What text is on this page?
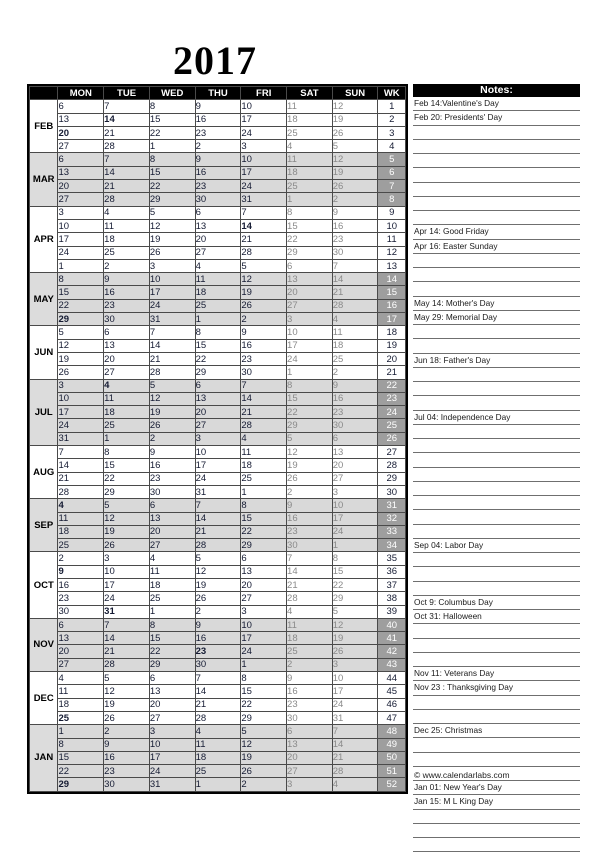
2017
	MON	TUE	WED	THU	FRI	SAT	SUN	WK
FEB	6	7	8	9	10	11	12	1
	13	14	15	16	17	18	19	2
	20	21	22	23	24	25	26	3
	27	28	1	2	3	4	5	4
MAR	6	7	8	9	10	11	12	5
	13	14	15	16	17	18	19	6
	20	21	22	23	24	25	26	7
	27	28	29	30	31	1	2	8
APR	3	4	5	6	7	8	9	9
	10	11	12	13	14	15	16	10
	17	18	19	20	21	22	23	11
	24	25	26	27	28	29	30	12
	1	2	3	4	5	6	7	13
MAY	8	9	10	11	12	13	14	14
	15	16	17	18	19	20	21	15
	22	23	24	25	26	27	28	16
	29	30	31	1	2	3	4	17
JUN	5	6	7	8	9	10	11	18
	12	13	14	15	16	17	18	19
	19	20	21	22	23	24	25	20
	26	27	28	29	30	1	2	21
JUL	3	4	5	6	7	8	9	22
	10	11	12	13	14	15	16	23
	17	18	19	20	21	22	23	24
	24	25	26	27	28	29	30	25
	31	1	2	3	4	5	6	26
AUG	7	8	9	10	11	12	13	27
	14	15	16	17	18	19	20	28
	21	22	23	24	25	26	27	29
	28	29	30	31	1	2	3	30
SEP	4	5	6	7	8	9	10	31
	11	12	13	14	15	16	17	32
	18	19	20	21	22	23	24	33
	25	26	27	28	29	30	1	34
OCT	2	3	4	5	6	7	8	35
	9	10	11	12	13	14	15	36
	16	17	18	19	20	21	22	37
	23	24	25	26	27	28	29	38
	30	31	1	2	3	4	5	39
NOV	6	7	8	9	10	11	12	40
	13	14	15	16	17	18	19	41
	20	21	22	23	24	25	26	42
	27	28	29	30	1	2	3	43
DEC	4	5	6	7	8	9	10	44
	11	12	13	14	15	16	17	45
	18	19	20	21	22	23	24	46
	25	26	27	28	29	30	31	47
JAN	1	2	3	4	5	6	7	48
	8	9	10	11	12	13	14	49
	15	16	17	18	19	20	21	50
	22	23	24	25	26	27	28	51
	29	30	31	1	2	3	4	52
Notes:
Feb 14:Valentine's Day
Feb 20: Presidents' Day
Apr 14: Good Friday
Apr 16: Easter Sunday
May 14: Mother's Day
May 29: Memorial Day
Jun 18: Father's Day
Jul 04: Independence Day
Sep 04: Labor Day
Oct 9: Columbus Day
Oct 31: Halloween
Nov 11: Veterans Day
Nov 23 : Thanksgiving Day
Dec 25: Christmas
Jan 01: New Year's Day
Jan 15: M L King Day
© www.calendarlabs.com
